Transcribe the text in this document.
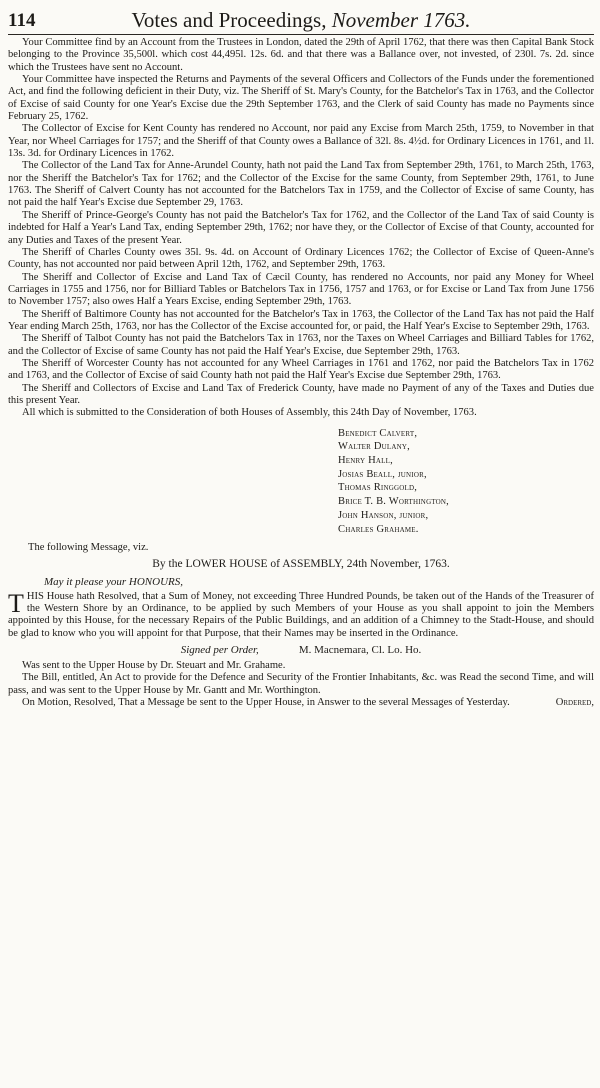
114	Votes and Proceedings, November 1763.

Your Committee find by an Account from the Trustees in London, dated the 29th of April 1762, that there was then Capital Bank Stock belonging to the Province 35,500l. which cost 44,495l. 12s. 6d. and that there was a Ballance over, not invested, of 230l. 7s. 2d. since which the Trustees have sent no Account.

Your Committee have inspected the Returns and Payments of the several Officers and Collectors of the Funds under the forementioned Act, and find the following deficient in their Duty, viz. The Sheriff of St. Mary's County, for the Batchelor's Tax in 1763, and the Collector of Excise of said County for one Year's Excise due the 29th September 1763, and the Clerk of said County has made no Payments since February 25, 1762.

The Collector of Excise for Kent County has rendered no Account, nor paid any Excise from March 25th, 1759, to November in that Year, nor Wheel Carriages for 1757; and the Sheriff of that County owes a Ballance of 32l. 8s. 4½d. for Ordinary Licences in 1761, and 1l. 13s. 3d. for Ordinary Licences in 1762.

The Collector of the Land Tax for Anne-Arundel County, hath not paid the Land Tax from September 29th, 1761, to March 25th, 1763, nor the Sheriff the Batchelor's Tax for 1762; and the Collector of the Excise for the same County, from September 29th, 1761, to June 1763. The Sheriff of Calvert County has not accounted for the Batchelors Tax in 1759, and the Collector of Excise of same County, has not paid the half Year's Excise due September 29, 1763.

The Sheriff of Prince-George's County has not paid the Batchelor's Tax for 1762, and the Collector of the Land Tax of said County is indebted for Half a Year's Land Tax, ending September 29th, 1762; nor have they, or the Collector of Excise of that County, accounted for any Duties and Taxes of the present Year.

The Sheriff of Charles County owes 35l. 9s. 4d. on Account of Ordinary Licences 1762; the Collector of Excise of Queen-Anne's County, has not accounted nor paid between April 12th, 1762, and September 29th, 1763.

The Sheriff and Collector of Excise and Land Tax of Cæcil County, has rendered no Accounts, nor paid any Money for Wheel Carriages in 1755 and 1756, nor for Billiard Tables or Batchelors Tax in 1756, 1757 and 1763, or for Excise or Land Tax from June 1756 to November 1757; also owes Half a Years Excise, ending September 29th, 1763.

The Sheriff of Baltimore County has not accounted for the Batchelor's Tax in 1763, the Collector of the Land Tax has not paid the Half Year ending March 25th, 1763, nor has the Collector of the Excise accounted for, or paid, the Half Year's Excise to September 29th, 1763.

The Sheriff of Talbot County has not paid the Batchelors Tax in 1763, nor the Taxes on Wheel Carriages and Billiard Tables for 1762, and the Collector of Excise of same County has not paid the Half Year's Excise, due September 29th, 1763.

The Sheriff of Worcester County has not accounted for any Wheel Carriages in 1761 and 1762, nor paid the Batchelors Tax in 1762 and 1763, and the Collector of Excise of said County hath not paid the Half Year's Excise due September 29th, 1763.

The Sheriff and Collectors of Excise and Land Tax of Frederick County, have made no Payment of any of the Taxes and Duties due this present Year.

All which is submitted to the Consideration of both Houses of Assembly, this 24th Day of November, 1763.

Benedict Calvert,
Walter Dulany,
Henry Hall,
Josias Beall, junior,
Thomas Ringgold,
Brice T. B. Worthington,
John Hanson, junior,
Charles Grahame.

The following Message, viz.

By the LOWER HOUSE of ASSEMBLY, 24th November, 1763.

May it please your HONOURS,

THIS House hath Resolved, that a Sum of Money, not exceeding Three Hundred Pounds, be taken out of the Hands of the Treasurer of the Western Shore by an Ordinance, to be applied by such Members of your House as you shall appoint to join the Members appointed by this House, for the necessary Repairs of the Public Buildings, and an addition of a Chimney to the Stadt-House, and should be glad to know who you will appoint for that Purpose, that their Names may be inserted in the Ordinance.

Signed per Order,	M. Macnemara, Cl. Lo. Ho.

Was sent to the Upper House by Dr. Steuart and Mr. Grahame.

The Bill, entitled, An Act to provide for the Defence and Security of the Frontier Inhabitants, &c. was Read the second Time, and will pass, and was sent to the Upper House by Mr. Gantt and Mr. Worthington.

On Motion, Resolved, That a Message be sent to the Upper House, in Answer to the several Messages of Yesterday.	Ordered,
